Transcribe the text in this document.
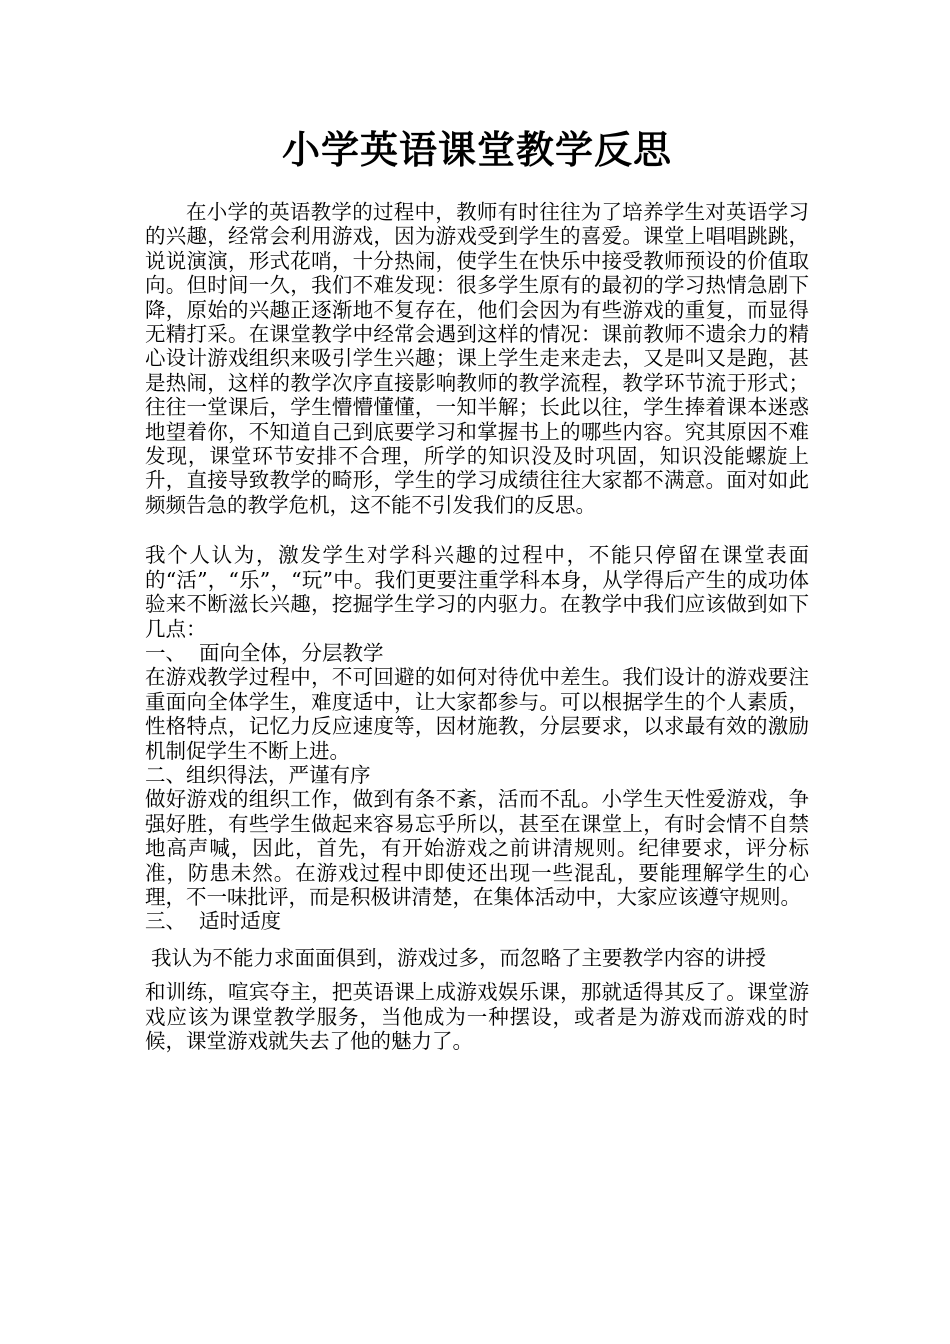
小学英语课堂教学反思

在小学的英语教学的过程中，教师有时往往为了培养学生对英语学习的兴趣，经常会利用游戏，因为游戏受到学生的喜爱。课堂上唱唱跳跳，说说演演，形式花哨，十分热闹，使学生在快乐中接受教师预设的价值取向。但时间一久，我们不难发现：很多学生原有的最初的学习热情急剧下降，原始的兴趣正逐渐地不复存在，他们会因为有些游戏的重复，而显得无精打采。在课堂教学中经常会遇到这样的情况：课前教师不遗余力的精心设计游戏组织来吸引学生兴趣；课上学生走来走去，又是叫又是跑，甚是热闹，这样的教学次序直接影响教师的教学流程，教学环节流于形式；往往一堂课后，学生懵懵懂懂，一知半解；长此以往，学生捧着课本迷惑地望着你，不知道自己到底要学习和掌握书上的哪些内容。究其原因不难发现，课堂环节安排不合理，所学的知识没及时巩固，知识没能螺旋上升，直接导致教学的畸形，学生的学习成绩往往大家都不满意。面对如此频频告急的教学危机，这不能不引发我们的反思。

我个人认为，激发学生对学科兴趣的过程中，不能只停留在课堂表面的“活”，“乐”，“玩”中。我们更要注重学科本身，从学得后产生的成功体验来不断滋长兴趣，挖掘学生学习的内驱力。在教学中我们应该做到如下几点：

一、 面向全体，分层教学

在游戏教学过程中，不可回避的如何对待优中差生。我们设计的游戏要注重面向全体学生，难度适中，让大家都参与。可以根据学生的个人素质，性格特点，记忆力反应速度等，因材施教，分层要求，以求最有效的激励机制促学生不断上进。

二、组织得法，严谨有序

做好游戏的组织工作，做到有条不紊，活而不乱。小学生天性爱游戏，争强好胜，有些学生做起来容易忘乎所以，甚至在课堂上，有时会情不自禁地高声喊，因此，首先，有开始游戏之前讲清规则。纪律要求，评分标准，防患未然。在游戏过程中即使还出现一些混乱，要能理解学生的心理，不一味批评，而是积极讲清楚，在集体活动中，大家应该遵守规则。

三、 适时适度

我认为不能力求面面俱到，游戏过多，而忽略了主要教学内容的讲授

和训练，喧宾夺主，把英语课上成游戏娱乐课，那就适得其反了。课堂游戏应该为课堂教学服务，当他成为一种摆设，或者是为游戏而游戏的时候，课堂游戏就失去了他的魅力了。
